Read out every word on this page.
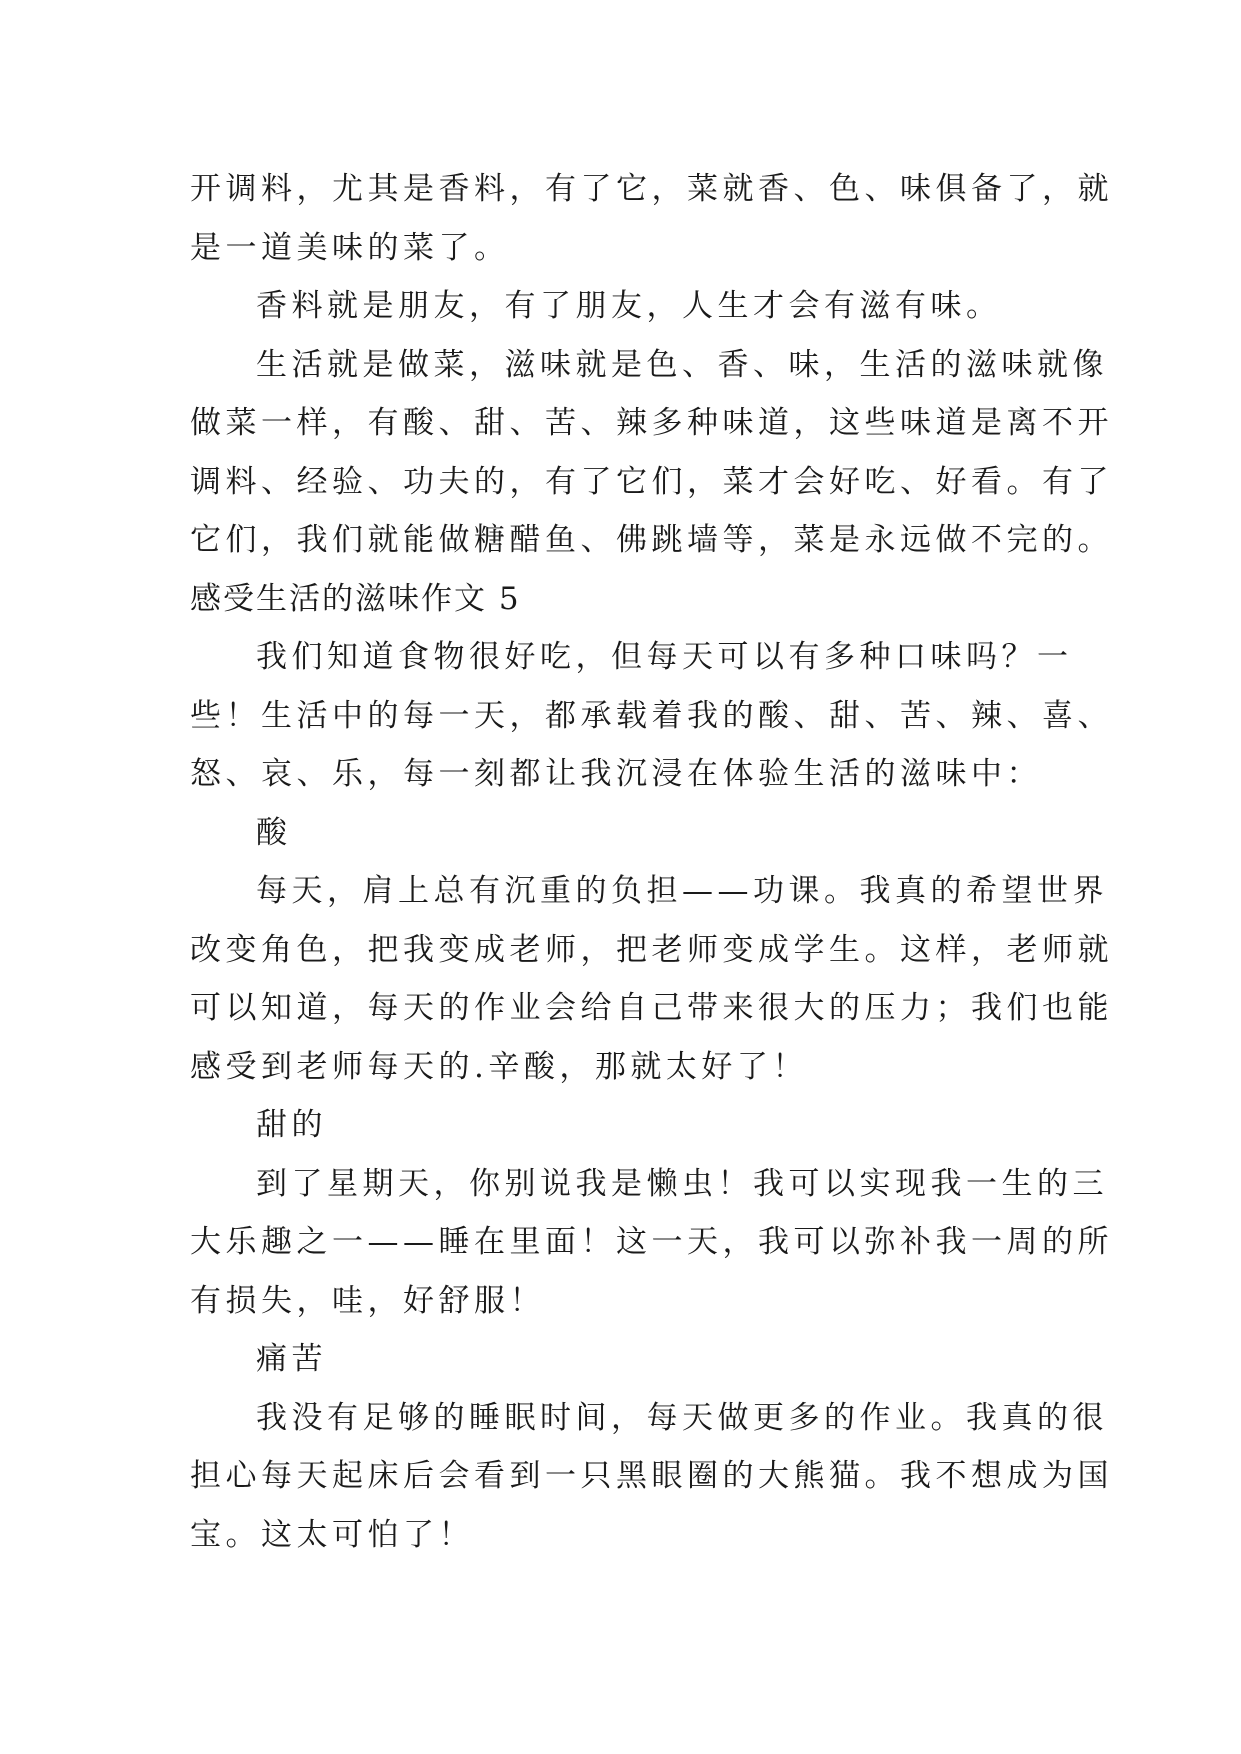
开调料，尤其是香料，有了它，菜就香、色、味俱备了，就
是一道美味的菜了。
香料就是朋友，有了朋友，人生才会有滋有味。
生活就是做菜，滋味就是色、香、味，生活的滋味就像
做菜一样，有酸、甜、苦、辣多种味道，这些味道是离不开
调料、经验、功夫的，有了它们，菜才会好吃、好看。有了
它们，我们就能做糖醋鱼、佛跳墙等，菜是永远做不完的。
感受生活的滋味作文 5
我们知道食物很好吃，但每天可以有多种口味吗？一
些！生活中的每一天，都承载着我的酸、甜、苦、辣、喜、
怒、哀、乐，每一刻都让我沉浸在体验生活的滋味中：
酸
每天，肩上总有沉重的负担——功课。我真的希望世界
改变角色，把我变成老师，把老师变成学生。这样，老师就
可以知道，每天的作业会给自己带来很大的压力；我们也能
感受到老师每天的.辛酸，那就太好了！
甜的
到了星期天，你别说我是懒虫！我可以实现我一生的三
大乐趣之一——睡在里面！这一天，我可以弥补我一周的所
有损失，哇，好舒服！
痛苦
我没有足够的睡眠时间，每天做更多的作业。我真的很
担心每天起床后会看到一只黑眼圈的大熊猫。我不想成为国
宝。这太可怕了！
